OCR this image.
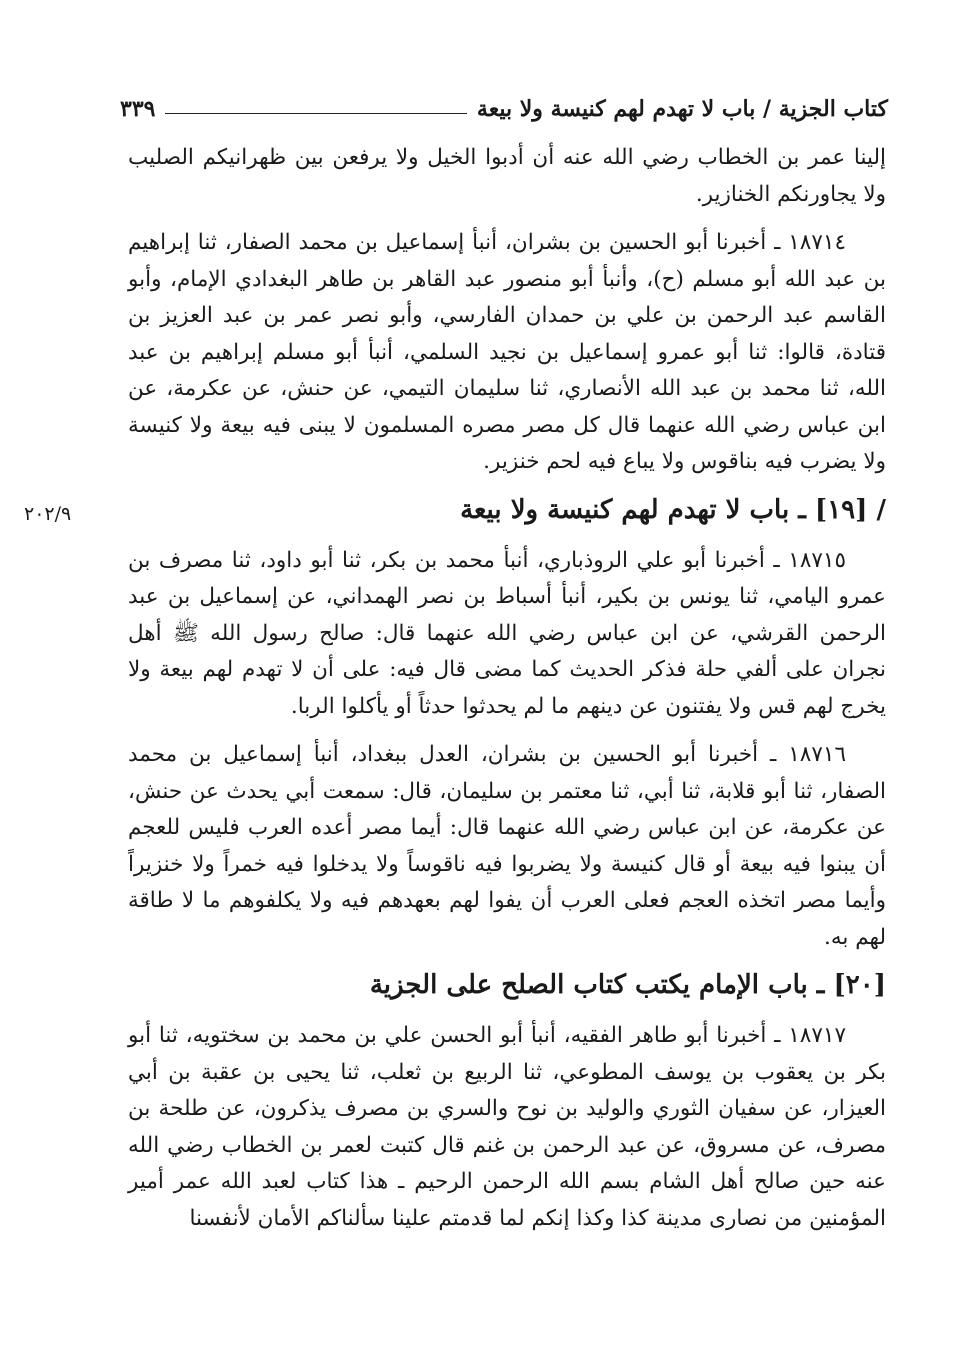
كتاب الجزية / باب لا تهدم لهم كنيسة ولا بيعة
٣٣٩

إلينا عمر بن الخطاب رضي الله عنه أن أدبوا الخيل ولا يرفعن بين ظهرانيكم الصليب ولا يجاورنكم الخنازير.

١٨٧١٤ ـ أخبرنا أبو الحسين بن بشران، أنبأ إسماعيل بن محمد الصفار، ثنا إبراهيم بن عبد الله أبو مسلم (ح)، وأنبأ أبو منصور عبد القاهر بن طاهر البغدادي الإمام، وأبو القاسم عبد الرحمن بن علي بن حمدان الفارسي، وأبو نصر عمر بن عبد العزيز بن قتادة، قالوا: ثنا أبو عمرو إسماعيل بن نجيد السلمي، أنبأ أبو مسلم إبراهيم بن عبد الله، ثنا محمد بن عبد الله الأنصاري، ثنا سليمان التيمي، عن حنش، عن عكرمة، عن ابن عباس رضي الله عنهما قال كل مصر مصره المسلمون لا يبنى فيه بيعة ولا كنيسة ولا يضرب فيه بناقوس ولا يباع فيه لحم خنزير.

/ [١٩] ـ باب لا تهدم لهم كنيسة ولا بيعة
٢٠٢/٩

١٨٧١٥ ـ أخبرنا أبو علي الروذباري، أنبأ محمد بن بكر، ثنا أبو داود، ثنا مصرف بن عمرو اليامي، ثنا يونس بن بكير، أنبأ أسباط بن نصر الهمداني، عن إسماعيل بن عبد الرحمن القرشي، عن ابن عباس رضي الله عنهما قال: صالح رسول الله ﷺ أهل نجران على ألفي حلة فذكر الحديث كما مضى قال فيه: على أن لا تهدم لهم بيعة ولا يخرج لهم قس ولا يفتنون عن دينهم ما لم يحدثوا حدثاً أو يأكلوا الربا.

١٨٧١٦ ـ أخبرنا أبو الحسين بن بشران، العدل ببغداد، أنبأ إسماعيل بن محمد الصفار، ثنا أبو قلابة، ثنا أبي، ثنا معتمر بن سليمان، قال: سمعت أبي يحدث عن حنش، عن عكرمة، عن ابن عباس رضي الله عنهما قال: أيما مصر أعده العرب فليس للعجم أن يبنوا فيه بيعة أو قال كنيسة ولا يضربوا فيه ناقوساً ولا يدخلوا فيه خمراً ولا خنزيراً وأيما مصر اتخذه العجم فعلى العرب أن يفوا لهم بعهدهم فيه ولا يكلفوهم ما لا طاقة لهم به.

[٢٠] ـ باب الإمام يكتب كتاب الصلح على الجزية

١٨٧١٧ ـ أخبرنا أبو طاهر الفقيه، أنبأ أبو الحسن علي بن محمد بن سختويه، ثنا أبو بكر بن يعقوب بن يوسف المطوعي، ثنا الربيع بن ثعلب، ثنا يحيى بن عقبة بن أبي العيزار، عن سفيان الثوري والوليد بن نوح والسري بن مصرف يذكرون، عن طلحة بن مصرف، عن مسروق، عن عبد الرحمن بن غنم قال كتبت لعمر بن الخطاب رضي الله عنه حين صالح أهل الشام بسم الله الرحمن الرحيم ـ هذا كتاب لعبد الله عمر أمير المؤمنين من نصارى مدينة كذا وكذا إنكم لما قدمتم علينا سألناكم الأمان لأنفسنا
